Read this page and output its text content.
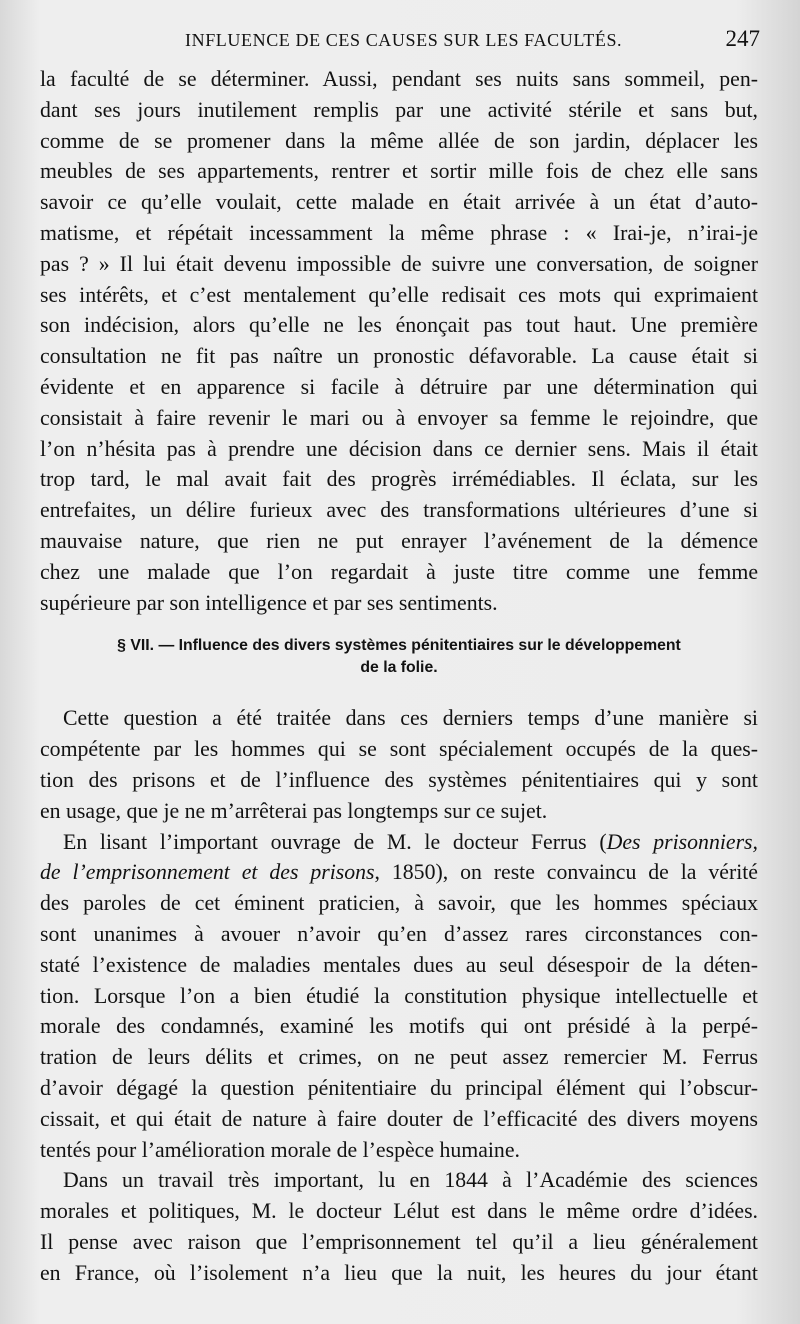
INFLUENCE DE CES CAUSES SUR LES FACULTÉS.	247
la faculté de se déterminer. Aussi, pendant ses nuits sans sommeil, pen-
dant ses jours inutilement remplis par une activité stérile et sans but,
comme de se promener dans la même allée de son jardin, déplacer les
meubles de ses appartements, rentrer et sortir mille fois de chez elle sans
savoir ce qu’elle voulait, cette malade en était arrivée à un état d’auto-
matisme, et répétait incessamment la même phrase : « Irai-je, n’irai-je
pas ? » Il lui était devenu impossible de suivre une conversation, de soigner
ses intérêts, et c’est mentalement qu’elle redisait ces mots qui exprimaient
son indécision, alors qu’elle ne les énonçait pas tout haut. Une première
consultation ne fit pas naître un pronostic défavorable. La cause était si
évidente et en apparence si facile à détruire par une détermination qui
consistait à faire revenir le mari ou à envoyer sa femme le rejoindre, que
l’on n’hésita pas à prendre une décision dans ce dernier sens. Mais il était
trop tard, le mal avait fait des progrès irrémédiables. Il éclata, sur les
entrefaites, un délire furieux avec des transformations ultérieures d’une si
mauvaise nature, que rien ne put enrayer l’avénement de la démence
chez une malade que l’on regardait à juste titre comme une femme
supérieure par son intelligence et par ses sentiments.
§ VII. — Influence des divers systèmes pénitentiaires sur le développement
de la folie.
Cette question a été traitée dans ces derniers temps d’une manière si
compétente par les hommes qui se sont spécialement occupés de la ques-
tion des prisons et de l’influence des systèmes pénitentiaires qui y sont
en usage, que je ne m’arrêterai pas longtemps sur ce sujet.
En lisant l’important ouvrage de M. le docteur Ferrus (Des prisonniers,
de l’emprisonnement et des prisons, 1850), on reste convaincu de la vérité
des paroles de cet éminent praticien, à savoir, que les hommes spéciaux
sont unanimes à avouer n’avoir qu’en d’assez rares circonstances con-
staté l’existence de maladies mentales dues au seul désespoir de la déten-
tion. Lorsque l’on a bien étudié la constitution physique intellectuelle et
morale des condamnés, examiné les motifs qui ont présidé à la perpé-
tration de leurs délits et crimes, on ne peut assez remercier M. Ferrus
d’avoir dégagé la question pénitentiaire du principal élément qui l’obscur-
cissait, et qui était de nature à faire douter de l’efficacité des divers moyens
tentés pour l’amélioration morale de l’espèce humaine.
Dans un travail très important, lu en 1844 à l’Académie des sciences
morales et politiques, M. le docteur Lélut est dans le même ordre d’idées.
Il pense avec raison que l’emprisonnement tel qu’il a lieu généralement
en France, où l’isolement n’a lieu que la nuit, les heures du jour étant
